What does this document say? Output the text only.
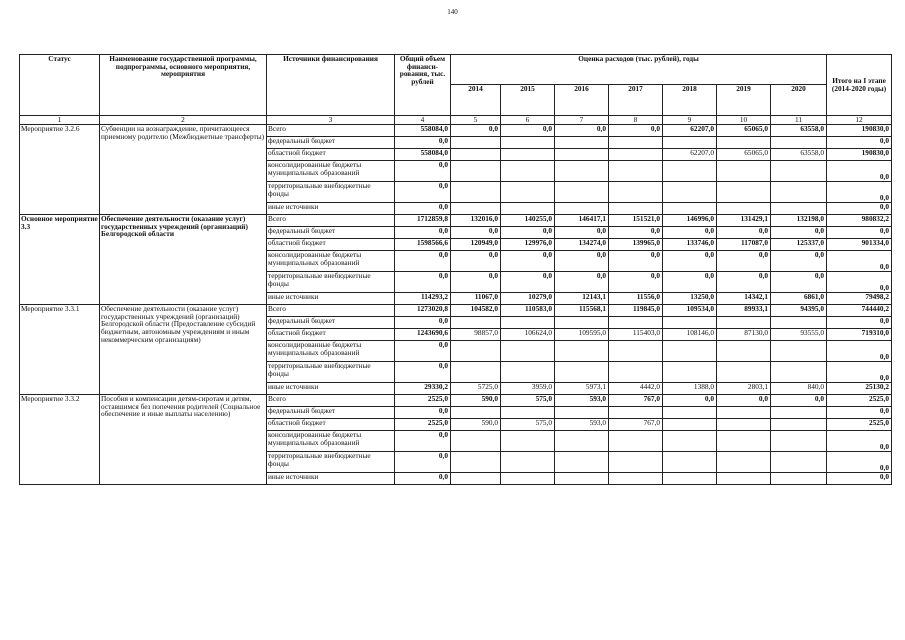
140
Статус	Наименование государственной программы, подпрограммы, основного мероприятия, мероприятия	Источники финансирования	Общий объем финанси-рования, тыс. рублей	Оценка расходов (тыс. рублей), годы							Итого на I этапе (2014-2020 годы)
				2014	2015	2016	2017	2018	2019	2020	
1	2	3	4	5	6	7	8	9	10	11	12
Мероприятие 3.2.6	Субвенции на вознаграждение, причитающееся приемному родителю (Межбюджетные трансферты)	Всего	558084,0	0,0	0,0	0,0	0,0	62207,0	65065,0	63558,0	190830,0
		федеральный бюджет	0,0								0,0
		областной бюджет	558084,0					62207,0	65065,0	63558,0	190830,0
		консолидированные бюджеты муниципальных образований	0,0								0,0
		территориальные внебюджетные фонды	0,0								0,0
		иные источники	0,0								0,0
Основное мероприятие 3.3	Обеспечение деятельности (оказание услуг) государственных учреждений (организаций) Белгородской области	Всего	1712859,8	132016,0	140255,0	146417,1	151521,0	146996,0	131429,1	132198,0	980832,2
		федеральный бюджет	0,0	0,0	0,0	0,0	0,0	0,0	0,0	0,0	0,0
		областной бюджет	1598566,6	120949,0	129976,0	134274,0	139965,0	133746,0	117087,0	125337,0	901334,0
		консолидированные бюджеты муниципальных образований	0,0	0,0	0,0	0,0	0,0	0,0	0,0	0,0	0,0
		территориальные внебюджетные фонды	0,0	0,0	0,0	0,0	0,0	0,0	0,0	0,0	0,0
		иные источники	114293,2	11067,0	10279,0	12143,1	11556,0	13250,0	14342,1	6861,0	79498,2
Мероприятие 3.3.1	Обеспечение деятельности (оказание услуг) государственных учреждений (организаций) Белгородской области (Предоставление субсидий бюджетным, автономным учреждениям и иным некоммерческим организациям)	Всего	1273020,8	104582,0	110583,0	115568,1	119845,0	109534,0	89933,1	94395,0	744440,2
		федеральный бюджет	0,0								0,0
		областной бюджет	1243690,6	98857,0	106624,0	109595,0	115403,0	108146,0	87130,0	93555,0	719310,0
		консолидированные бюджеты муниципальных образований	0,0								0,0
		территориальные внебюджетные фонды	0,0								0,0
		иные источники	29330,2	5725,0	3959,0	5973,1	4442,0	1388,0	2803,1	840,0	25130,2
Мероприятие 3.3.2	Пособия и компенсации детям-сиротам и детям, оставшимся без попечения родителей (Социальное обеспечение и иные выплаты населению)	Всего	2525,0	590,0	575,0	593,0	767,0	0,0	0,0	0,0	2525,0
		федеральный бюджет	0,0								0,0
		областной бюджет	2525,0	590,0	575,0	593,0	767,0				2525,0
		консолидированные бюджеты муниципальных образований	0,0								0,0
		территориальные внебюджетные фонды	0,0								0,0
		иные источники	0,0								0,0
